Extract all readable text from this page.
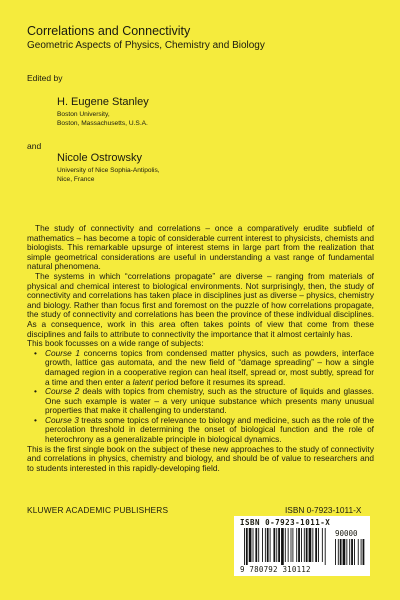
Correlations and Connectivity
Geometric Aspects of Physics, Chemistry and Biology
Edited by
H. Eugene Stanley
Boston University,
Boston, Massachusetts, U.S.A.
and
Nicole Ostrowsky
University of Nice Sophia-Antipolis,
Nice, France

The study of connectivity and correlations – once a comparatively erudite subfield of mathematics – has become a topic of considerable current interest to physicists, chemists and biologists. This remarkable upsurge of interest stems in large part from the realization that simple geometrical considerations are useful in understanding a vast range of fundamental natural phenomena.

The systems in which “correlations propagate” are diverse – ranging from materials of physical and chemical interest to biological environments. Not surprisingly, then, the study of connectivity and correlations has taken place in disciplines just as diverse – physics, chemistry and biology. Rather than focus first and foremost on the puzzle of how correlations propagate, the study of connectivity and correlations has been the province of these individual disciplines. As a consequence, work in this area often takes points of view that come from these disciplines and fails to attribute to connectivity the importance that it almost certainly has.

This book focusses on a wide range of subjects:

• Course 1 concerns topics from condensed matter physics, such as powders, interface growth, lattice gas automata, and the new field of “damage spreading” – how a single damaged region in a cooperative region can heal itself, spread or, most subtly, spread for a time and then enter a latent period before it resumes its spread.
• Course 2 deals with topics from chemistry, such as the structure of liquids and glasses. One such example is water – a very unique substance which presents many unusual properties that make it challenging to understand.
• Course 3 treats some topics of relevance to biology and medicine, such as the role of the percolation threshold in determining the onset of biological function and the role of heterochrony as a generalizable principle in biological dynamics.

This is the first single book on the subject of these new approaches to the study of connectivity and correlations in physics, chemistry and biology, and should be of value to researchers and to students interested in this rapidly-developing field.

KLUWER ACADEMIC PUBLISHERS	ISBN 0-7923-1011-X
ISBN 0-7923-1011-X
90000
9 780792 310112
